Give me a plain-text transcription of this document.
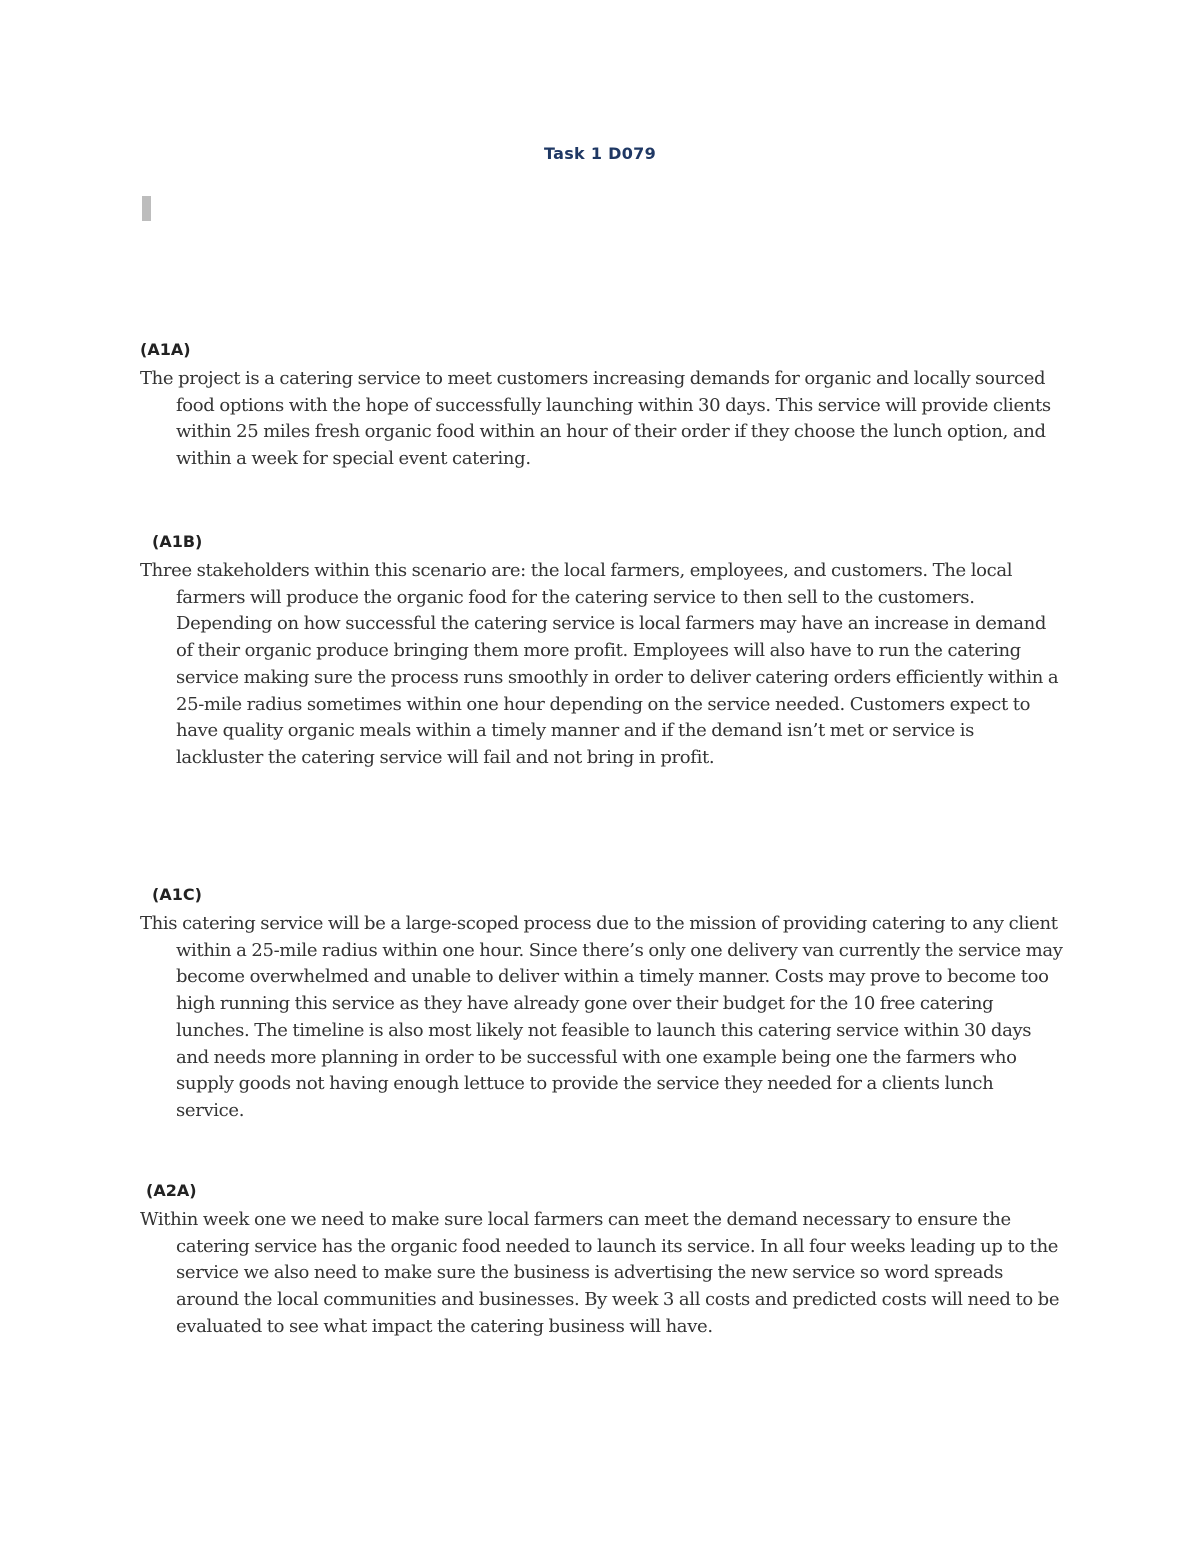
Task 1 D079
(A1A)

The project is a catering service to meet customers increasing demands for organic and locally sourced food options with the hope of successfully launching within 30 days. This service will provide clients within 25 miles fresh organic food within an hour of their order if they choose the lunch option, and within a week for special event catering.

(A1B)

Three stakeholders within this scenario are: the local farmers, employees, and customers. The local farmers will produce the organic food for the catering service to then sell to the customers. Depending on how successful the catering service is local farmers may have an increase in demand of their organic produce bringing them more profit. Employees will also have to run the catering service making sure the process runs smoothly in order to deliver catering orders efficiently within a 25-mile radius sometimes within one hour depending on the service needed. Customers expect to have quality organic meals within a timely manner and if the demand isn’t met or service is lackluster the catering service will fail and not bring in profit.

(A1C)

This catering service will be a large-scoped process due to the mission of providing catering to any client within a 25-mile radius within one hour. Since there’s only one delivery van currently the service may become overwhelmed and unable to deliver within a timely manner. Costs may prove to become too high running this service as they have already gone over their budget for the 10 free catering lunches. The timeline is also most likely not feasible to launch this catering service within 30 days and needs more planning in order to be successful with one example being one the farmers who supply goods not having enough lettuce to provide the service they needed for a clients lunch service.

(A2A)

Within week one we need to make sure local farmers can meet the demand necessary to ensure the catering service has the organic food needed to launch its service. In all four weeks leading up to the service we also need to make sure the business is advertising the new service so word spreads around the local communities and businesses. By week 3 all costs and predicted costs will need to be evaluated to see what impact the catering business will have.
